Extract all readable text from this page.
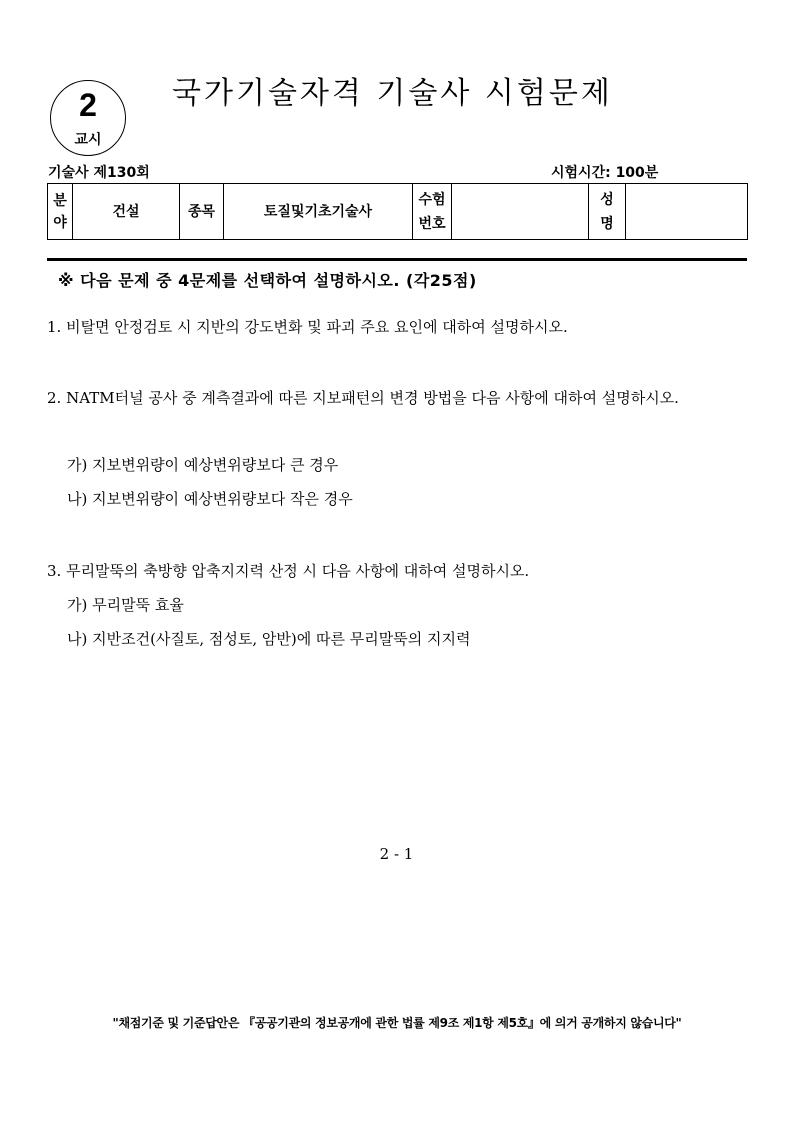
2
교시
국가기술자격 기술사 시험문제
기술사 제130회	시험시간: 100분
분야	건설	종목	토질및기초기술사	수험번호		성명	
※ 다음 문제 중 4문제를 선택하여 설명하시오. (각25점)
1. 비탈면 안정검토 시 지반의 강도변화 및 파괴 주요 요인에 대하여 설명하시오.
2. NATM터널 공사 중 계측결과에 따른 지보패턴의 변경 방법을 다음 사항에 대하여 설명하시오.
가) 지보변위량이 예상변위량보다 큰 경우
나) 지보변위량이 예상변위량보다 작은 경우
3. 무리말뚝의 축방향 압축지지력 산정 시 다음 사항에 대하여 설명하시오.
가) 무리말뚝 효율
나) 지반조건(사질토, 점성토, 암반)에 따른 무리말뚝의 지지력
2 - 1
"채점기준 및 기준답안은 『공공기관의 정보공개에 관한 법률 제9조 제1항 제5호』에 의거 공개하지 않습니다"
